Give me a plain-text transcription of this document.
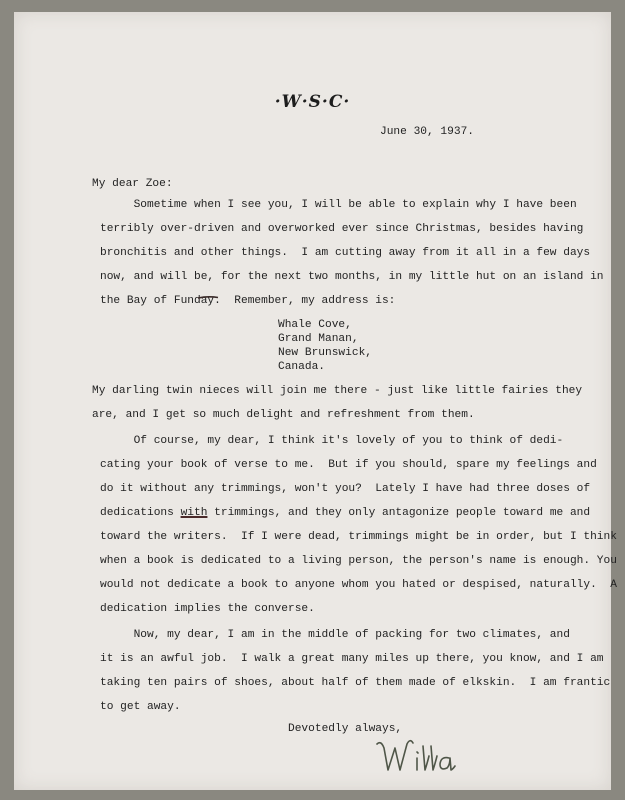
·W·S·C·
June 30, 1937.
My dear Zoe:
Sometime when I see you, I will be able to explain why I have been
terribly over-driven and overworked ever since Christmas, besides having
bronchitis and other things.  I am cutting away from it all in a few days
now, and will be, for the next two months, in my little hut on an island in
the Bay of Funday.  Remember, my address is:
Whale Cove,
Grand Manan,
New Brunswick,
Canada.
My darling twin nieces will join me there - just like little fairies they
are, and I get so much delight and refreshment from them.
Of course, my dear, I think it's lovely of you to think of dedi-
cating your book of verse to me.  But if you should, spare my feelings and
do it without any trimmings, won't you?  Lately I have had three doses of
dedications with trimmings, and they only antagonize people toward me and
toward the writers.  If I were dead, trimmings might be in order, but I think
when a book is dedicated to a living person, the person's name is enough. You
would not dedicate a book to anyone whom you hated or despised, naturally.  A
dedication implies the converse.
Now, my dear, I am in the middle of packing for two climates, and
it is an awful job.  I walk a great many miles up there, you know, and I am
taking ten pairs of shoes, about half of them made of elkskin.  I am frantic
to get away.
Devotedly always,
